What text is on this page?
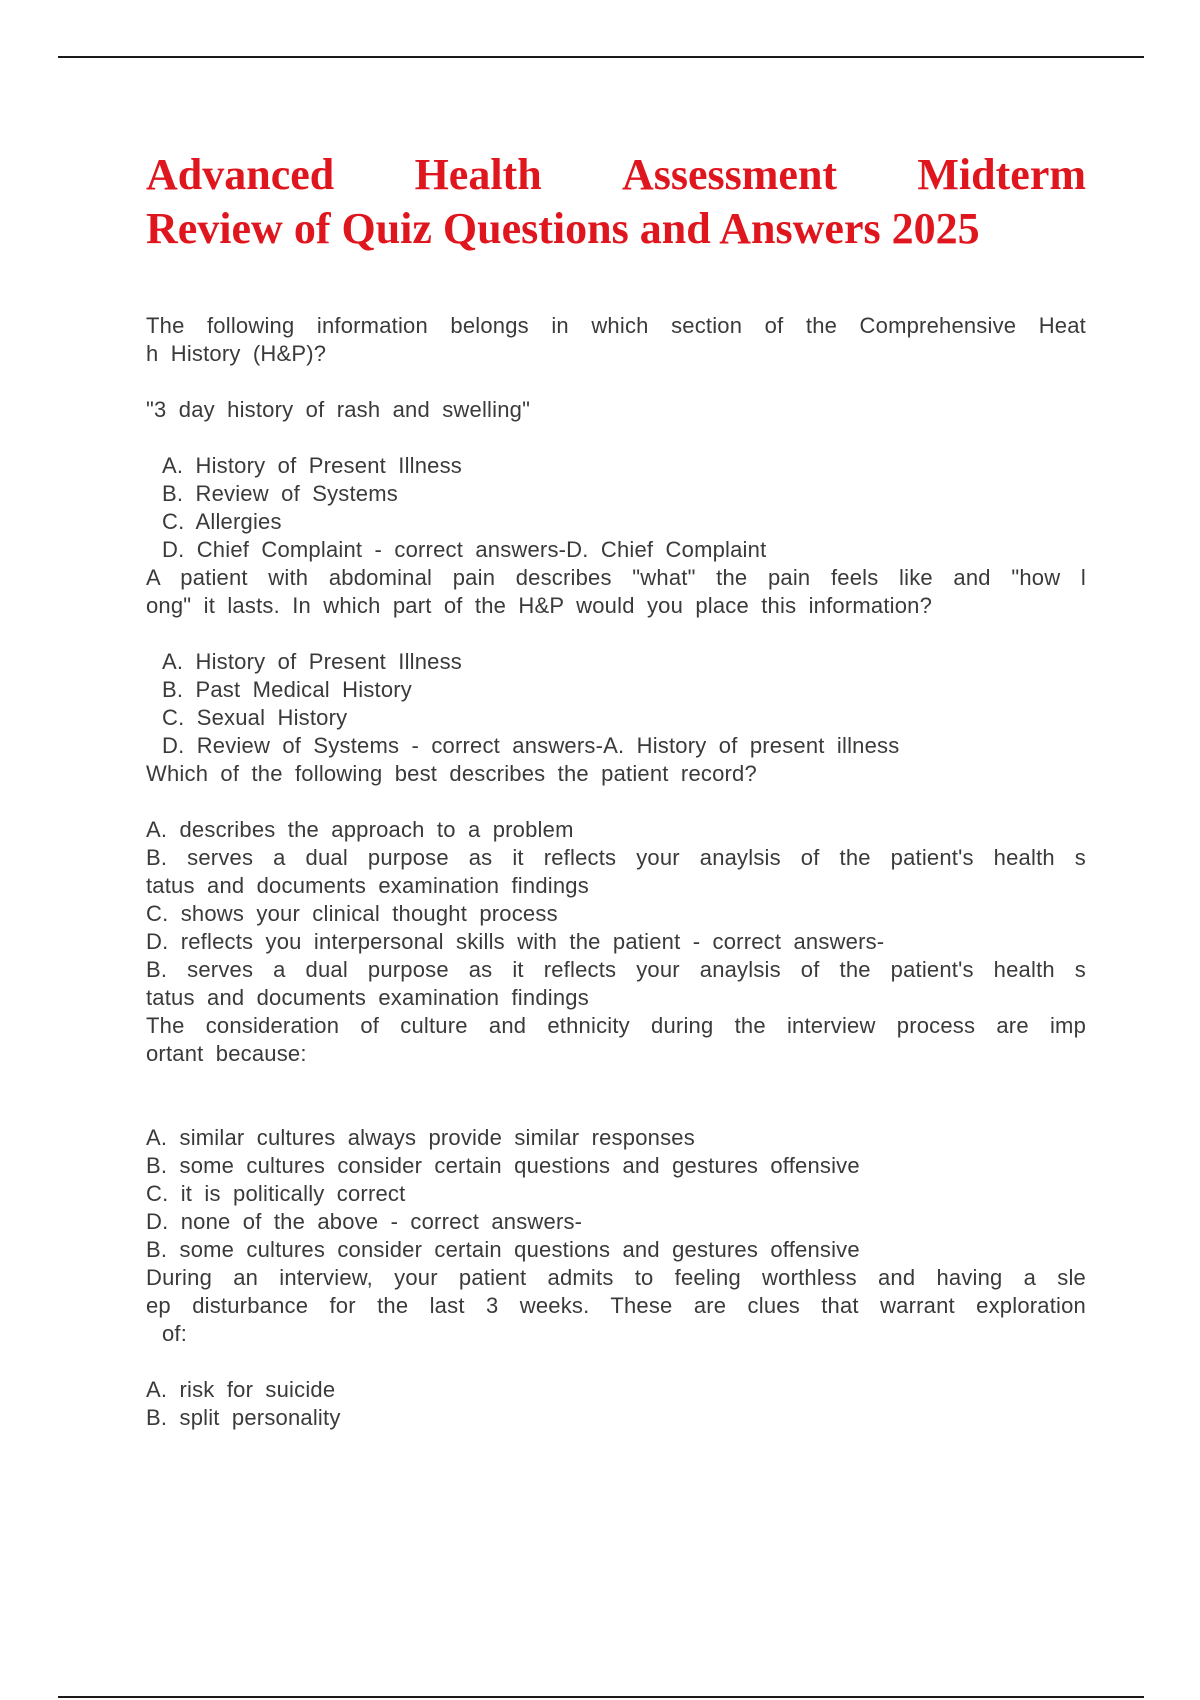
Advanced Health Assessment Midterm
Review of Quiz Questions and Answers 2025
The following information belongs in which section of the Comprehensive Heat
h History (H&P)?
"3 day history of rash and swelling"
A. History of Present Illness
B. Review of Systems
C. Allergies
D. Chief Complaint - correct answers-D. Chief Complaint
A patient with abdominal pain describes "what" the pain feels like and "how l
ong" it lasts. In which part of the H&P would you place this information?
A. History of Present Illness
B. Past Medical History
C. Sexual History
D. Review of Systems - correct answers-A. History of present illness
Which of the following best describes the patient record?
A. describes the approach to a problem
B. serves a dual purpose as it reflects your anaylsis of the patient's health s
tatus and documents examination findings
C. shows your clinical thought process
D. reflects you interpersonal skills with the patient - correct answers-
B. serves a dual purpose as it reflects your anaylsis of the patient's health s
tatus and documents examination findings
The consideration of culture and ethnicity during the interview process are imp
ortant because:
A. similar cultures always provide similar responses
B. some cultures consider certain questions and gestures offensive
C. it is politically correct
D. none of the above - correct answers-
B. some cultures consider certain questions and gestures offensive
During an interview, your patient admits to feeling worthless and having a sle
ep disturbance for the last 3 weeks. These are clues that warrant exploration
of:
A. risk for suicide
B. split personality
